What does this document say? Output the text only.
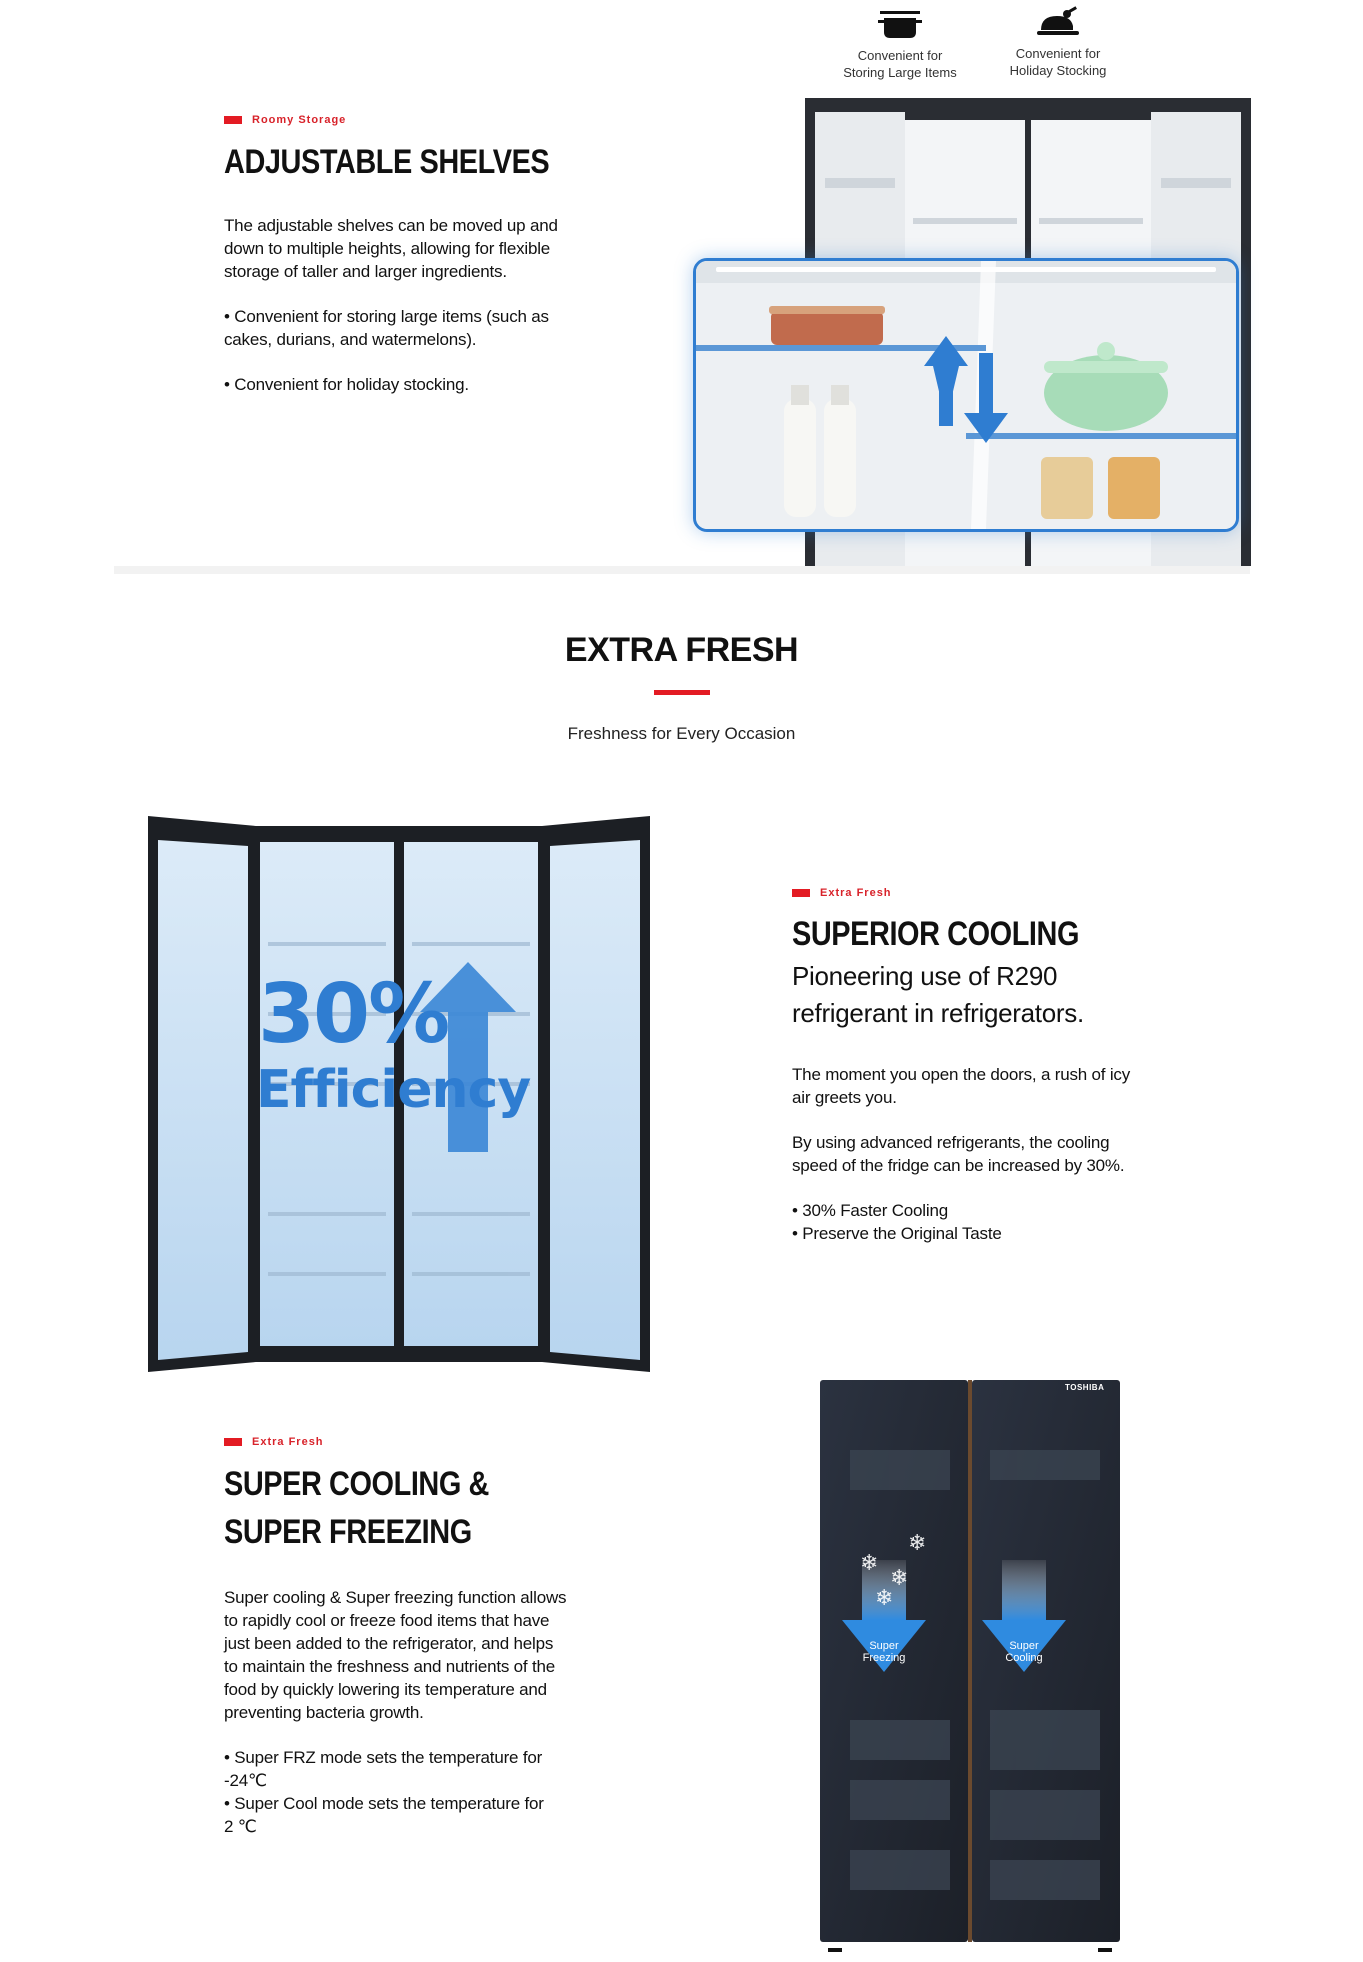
Roomy Storage
ADJUSTABLE SHELVES

The adjustable shelves can be moved up and down to multiple heights, allowing for flexible storage of taller and larger ingredients.

• Convenient for storing large items (such as cakes, durians, and watermelons).

• Convenient for holiday stocking.

Convenient for
Storing Large Items
Convenient for
Holiday Stocking
EXTRA FRESH
Freshness for Every Occasion
30%
Efficiency
Extra Fresh
SUPERIOR COOLING
Pioneering use of R290
refrigerant in refrigerators.

The moment you open the doors, a rush of icy air greets you.

By using advanced refrigerants, the cooling speed of the fridge can be increased by 30%.

• 30% Faster Cooling
• Preserve the Original Taste
Extra Fresh
SUPER COOLING &
SUPER FREEZING

Super cooling & Super freezing function allows to rapidly cool or freeze food items that have just been added to the refrigerator, and helps to maintain the freshness and nutrients of the food by quickly lowering its temperature and preventing bacteria growth.

• Super FRZ mode sets the temperature for
-24℃
• Super Cool mode sets the temperature for
2 ℃
❄
❄
❄
❄
TOSHIBA
Super
Freezing
Super
Cooling
